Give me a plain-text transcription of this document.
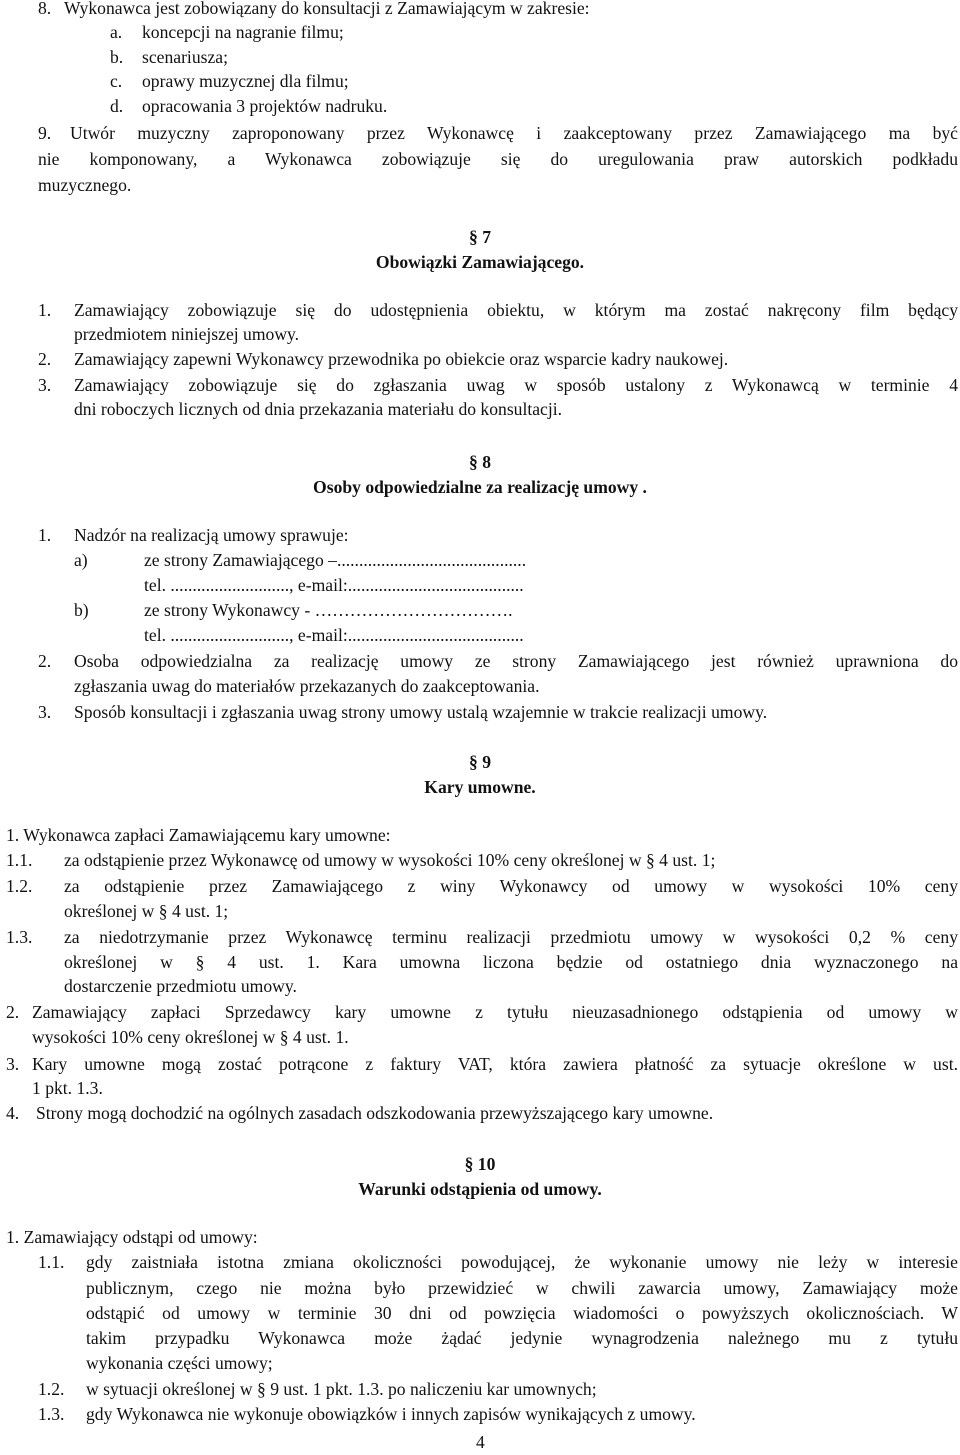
8. Wykonawca jest zobowiązany do konsultacji z Zamawiającym w zakresie:
a. koncepcji na nagranie filmu;
b. scenariusza;
c. oprawy muzycznej dla filmu;
d. opracowania 3 projektów nadruku.
9. Utwór muzyczny zaproponowany przez Wykonawcę i zaakceptowany przez Zamawiającego ma być
nie komponowany, a Wykonawca zobowiązuje się do uregulowania praw autorskich podkładu
muzycznego.
§ 7
Obowiązki Zamawiającego.
1. Zamawiający zobowiązuje się do udostępnienia obiektu, w którym ma zostać nakręcony film będący
przedmiotem niniejszej umowy.
2. Zamawiający zapewni Wykonawcy przewodnika po obiekcie oraz wsparcie kadry naukowej.
3. Zamawiający zobowiązuje się do zgłaszania uwag w sposób ustalony z Wykonawcą w terminie 4
dni roboczych licznych od dnia przekazania materiału do konsultacji.
§ 8
Osoby odpowiedzialne za realizację umowy .
1. Nadzór na realizacją umowy sprawuje:
a)	ze strony Zamawiającego –...........................................
tel. ..........................., e-mail:........................................
b)	ze strony Wykonawcy - …………………………….
tel. ..........................., e-mail:........................................
2. Osoba odpowiedzialna za realizację umowy ze strony Zamawiającego jest również uprawniona do
zgłaszania uwag do materiałów przekazanych do zaakceptowania.
3. Sposób konsultacji i zgłaszania uwag strony umowy ustalą wzajemnie w trakcie realizacji umowy.
§ 9
Kary umowne.
1. Wykonawca zapłaci Zamawiającemu kary umowne:
1.1. za odstąpienie przez Wykonawcę od umowy w wysokości 10% ceny określonej w § 4 ust. 1;
1.2. za odstąpienie przez Zamawiającego z winy Wykonawcy od umowy w wysokości 10% ceny
określonej w § 4 ust. 1;
1.3. za niedotrzymanie przez Wykonawcę terminu realizacji przedmiotu umowy w wysokości 0,2 % ceny
określonej w § 4 ust. 1. Kara umowna liczona będzie od ostatniego dnia wyznaczonego na
dostarczenie przedmiotu umowy.
2. Zamawiający zapłaci Sprzedawcy kary umowne z tytułu nieuzasadnionego odstąpienia od umowy w
wysokości 10% ceny określonej w § 4 ust. 1.
3. Kary umowne mogą zostać potrącone z faktury VAT, która zawiera płatność za sytuacje określone w ust.
1 pkt. 1.3.
4. Strony mogą dochodzić na ogólnych zasadach odszkodowania przewyższającego kary umowne.
§ 10
Warunki odstąpienia od umowy.
1. Zamawiający odstąpi od umowy:
1.1. gdy zaistniała istotna zmiana okoliczności powodującej, że wykonanie umowy nie leży w interesie
publicznym, czego nie można było przewidzieć w chwili zawarcia umowy, Zamawiający może
odstąpić od umowy w terminie 30 dni od powzięcia wiadomości o powyższych okolicznościach. W
takim przypadku Wykonawca może żądać jedynie wynagrodzenia należnego mu z tytułu
wykonania części umowy;
1.2. w sytuacji określonej w § 9 ust. 1 pkt. 1.3. po naliczeniu kar umownych;
1.3. gdy Wykonawca nie wykonuje obowiązków i innych zapisów wynikających z umowy.
4
